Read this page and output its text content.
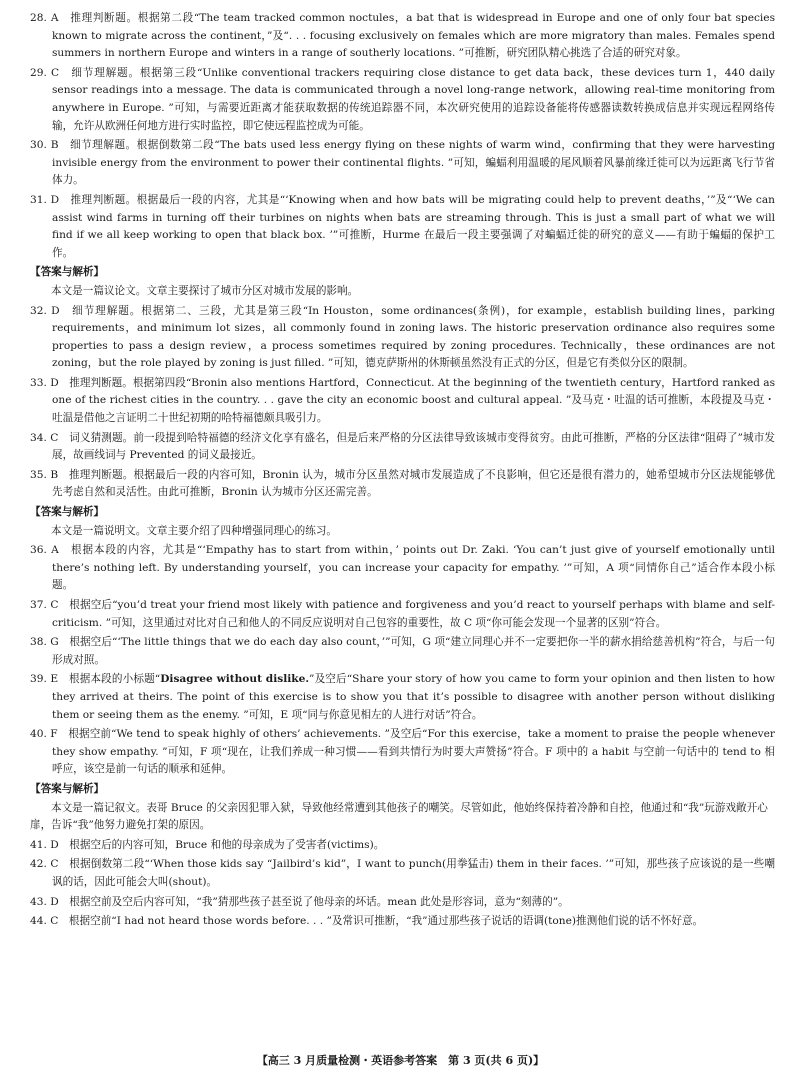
28. A　推理判断题。根据第二段“The team tracked common noctules，a bat that is widespread in Europe and one of only four bat species known to migrate across the continent，”及“. . . focusing exclusively on females which are more migratory than males. Females spend summers in northern Europe and winters in a range of southerly locations. ”可推断，研究团队精心挑选了合适的研究对象。

29. C　细节理解题。根据第三段“Unlike conventional trackers requiring close distance to get data back，these devices turn 1，440 daily sensor readings into a message. The data is communicated through a novel long-range network，allowing real-time monitoring from anywhere in Europe. ”可知，与需要近距离才能获取数据的传统追踪器不同，本次研究使用的追踪设备能将传感器读数转换成信息并实现远程网络传输，允许从欧洲任何地方进行实时监控，即它使远程监控成为可能。

30. B　细节理解题。根据倒数第二段“The bats used less energy flying on these nights of warm wind，confirming that they were harvesting invisible energy from the environment to power their continental flights. ”可知，蝙蝠利用温暖的尾风顺着风暴前缘迁徙可以为远距离飞行节省体力。

31. D　推理判断题。根据最后一段的内容，尤其是“‘Knowing when and how bats will be migrating could help to prevent deaths，’”及“‘We can assist wind farms in turning off their turbines on nights when bats are streaming through. This is just a small part of what we will find if we all keep working to open that black box. ’”可推断，Hurme 在最后一段主要强调了对蝙蝠迁徙的研究的意义——有助于蝙蝠的保护工作。

【答案与解析】

本文是一篇议论文。文章主要探讨了城市分区对城市发展的影响。

32. D　细节理解题。根据第二、三段，尤其是第三段“In Houston，some ordinances(条例)，for example，establish building lines，parking requirements，and minimum lot sizes，all commonly found in zoning laws. The historic preservation ordinance also requires some properties to pass a design review，a process sometimes required by zoning procedures. Technically，these ordinances are not zoning，but the role played by zoning is just filled. ”可知，德克萨斯州的休斯顿虽然没有正式的分区，但是它有类似分区的限制。

33. D　推理判断题。根据第四段“Bronin also mentions Hartford，Connecticut. At the beginning of the twentieth century，Hartford ranked as one of the richest cities in the country. . . gave the city an economic boost and cultural appeal. ”及马克・吐温的话可推断，本段提及马克・吐温是借他之言证明二十世纪初期的哈特福德颇具吸引力。

34. C　词义猜测题。前一段提到哈特福德的经济文化享有盛名，但是后来严格的分区法律导致该城市变得贫穷。由此可推断，严格的分区法律“阻碍了”城市发展，故画线词与 Prevented 的词义最接近。

35. B　推理判断题。根据最后一段的内容可知，Bronin 认为，城市分区虽然对城市发展造成了不良影响，但它还是很有潜力的，她希望城市分区法规能够优先考虑自然和灵活性。由此可推断，Bronin 认为城市分区还需完善。

【答案与解析】

本文是一篇说明文。文章主要介绍了四种增强同理心的练习。

36. A　根据本段的内容，尤其是“‘Empathy has to start from within，’ points out Dr. Zaki. ‘You can’t just give of yourself emotionally until there’s nothing left. By understanding yourself，you can increase your capacity for empathy. ’”可知，A 项“同情你自己”适合作本段小标题。

37. C　根据空后“you’d treat your friend most likely with patience and forgiveness and you’d react to yourself perhaps with blame and self-criticism. ”可知，这里通过对比对自己和他人的不同反应说明对自己包容的重要性，故 C 项“你可能会发现一个显著的区别”符合。

38. G　根据空后“‘The little things that we do each day also count，’”可知，G 项“建立同理心并不一定要把你一半的薪水捐给慈善机构”符合，与后一句形成对照。

39. E　根据本段的小标题“Disagree without dislike.”及空后“Share your story of how you came to form your opinion and then listen to how they arrived at theirs. The point of this exercise is to show you that it’s possible to disagree with another person without disliking them or seeing them as the enemy. ”可知，E 项“同与你意见相左的人进行对话”符合。

40. F　根据空前“We tend to speak highly of others’ achievements. ”及空后“For this exercise，take a moment to praise the people whenever they show empathy. ”可知，F 项“现在，让我们养成一种习惯——看到共情行为时要大声赞扬”符合。F 项中的 a habit 与空前一句话中的 tend to 相呼应，该空是前一句话的顺承和延伸。

【答案与解析】

本文是一篇记叙文。表哥 Bruce 的父亲因犯罪入狱，导致他经常遭到其他孩子的嘲笑。尽管如此，他始终保持着冷静和自控，他通过和“我”玩游戏敞开心扉，告诉“我”他努力避免打架的原因。

41. D　根据空后的内容可知，Bruce 和他的母亲成为了受害者(victims)。

42. C　根据倒数第二段“‘When those kids say “Jailbird’s kid”，I want to punch(用拳猛击) them in their faces. ’”可知，那些孩子应该说的是一些嘲讽的话，因此可能会大叫(shout)。

43. D　根据空前及空后内容可知，“我”猜那些孩子甚至说了他母亲的坏话。mean 此处是形容词，意为“刻薄的”。

44. C　根据空前“I had not heard those words before. . . ”及常识可推断，“我”通过那些孩子说话的语调(tone)推测他们说的话不怀好意。

【高三 3 月质量检测・英语参考答案　第 3 页(共 6 页)】
